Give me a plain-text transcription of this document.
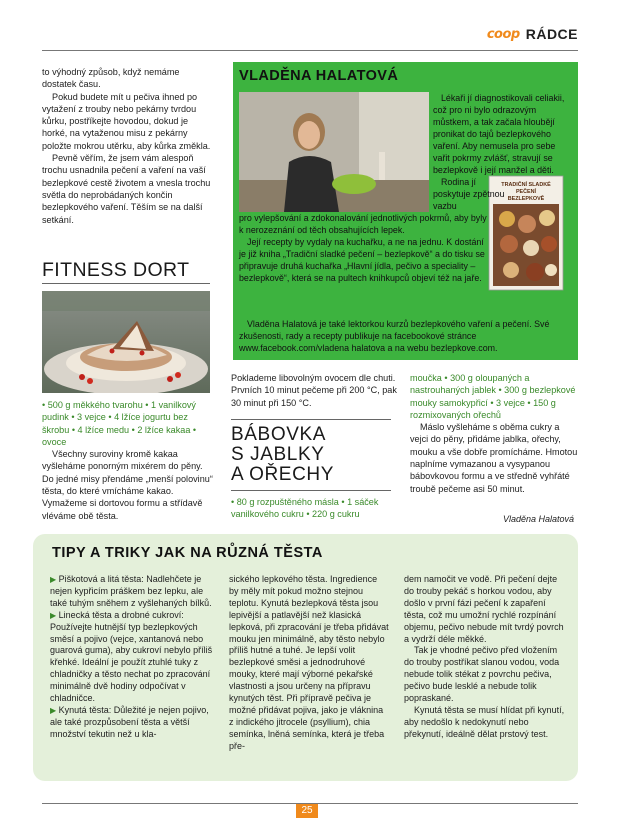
coop RÁDCE

to výhodný způsob, když nemáme dostatek času.

Pokud budete mít u pečiva ihned po vytažení z trouby nebo pekárny tvrdou kůrku, postříkejte hovodou, dokud je horké, na vytaženou misu z pekárny položte mokrou utěrku, aby kůrka změkla.

Pevně věřím, že jsem vám alespoň trochu usnadnila pečení a vaření na vaší bezlepkové cestě životem a vnesla trochu světla do neprobádaných končin bezlepkového vaření. Těším se na další setkání.

FITNESS DORT

• 500 g měkkého tvarohu • 1 vanilkový pudink • 3 vejce • 4 lžíce jogurtu bez škrobu • 4 lžíce medu • 2 lžíce kakaa • ovoce

Všechny suroviny kromě kakaa vyšleháme ponorným mixérem do pěny. Do jedné misy přendáme „menší polovinu“ těsta, do které vmícháme kakao. Vymažeme si dortovou formu a střídavě vléváme obě těsta.

VLADĚNA HALATOVÁ
TRADIČNÍ SLADKÉ PEČENÍ
BEZLEPKOVĚ

Lékaři jí diagnostikovali celiakii, což pro ni bylo odrazovým můstkem, a tak začala hloubějí pronikat do tajů bezlepkového vaření. Aby nemusela pro sebe vařit pokrmy zvlášť, stravují se bezlepkově i její manžel a děti.

Rodina jí poskytuje zpětnou vazbu

pro vylepšování a zdokonalování jednotlivých pokrmů, aby byly k nerozeznání od těch obsahujících lepek.

Její recepty by vydaly na kuchařku, a ne na jednu. K dostání je již kniha „Tradiční sladké pečení – bezlepkově“ a do tisku se připravuje druhá kuchařka „Hlavní jídla, pečivo a speciality – bezlepkově“, která se na pultech knihkupců objeví též na jaře.

Vladěna Halatová je také lektorkou kurzů bezlepkového vaření a pečení. Své zkušenosti, rady a recepty publikuje na facebookové stránce www.facebook.com/vladena halatova a na webu bezlepkove.com.

Poklademe libovolným ovocem dle chuti. Prvních 10 minut pečeme při 200 °C, pak 30 minut při 150 °C.

BÁBOVKA
S JABLKY
A OŘECHY

• 80 g rozpuštěného másla • 1 sáček vanilkového cukru • 220 g cukru

moučka • 300 g oloupaných a nastrouhaných jablek • 300 g bezlepkové mouky samokypřicí • 3 vejce • 150 g rozmixovaných ořechů

Máslo vyšleháme s oběma cukry a vejci do pěny, přidáme jablka, ořechy, mouku a vše dobře promícháme. Hmotou naplníme vymazanou a vysypanou bábovkovou formu a ve středně vyhřáté troubě pečeme asi 50 minut.

Vladěna Halatová
TIPY A TRIKY JAK NA RŮZNÁ TĚSTA

▶ Piškotová a litá těsta: Nadlehčete je nejen kypřicím práškem bez lepku, ale také tuhým sněhem z vyšlehaných bílků.

▶ Linecká těsta a drobné cukroví: Používejte hutnější typ bezlepkových směsí a pojivo (vejce, xantanová nebo guarová guma), aby cukroví nebylo příliš křehké. Ideální je použít ztuhlé tuky z chladničky a těsto nechat po zpracování minimálně dvě hodiny odpočívat v chladničce.

▶ Kynutá těsta: Důležité je nejen pojivo, ale také prozpůsobení těsta a větší množství tekutin než u kla-

sického lepkového těsta. Ingredience by měly mít pokud možno stejnou teplotu. Kynutá bezlepková těsta jsou lepivější a patlavější než klasická lepková, při zpracování je třeba přidávat mouku jen minimálně, aby těsto nebylo příliš hutné a tuhé. Je lepší volit bezlepkové směsi a jednodruhové mouky, které mají výborné pekařské vlastnosti a jsou určeny na přípravu kynutých těst. Při přípravě pečiva je možné přidávat pojiva, jako je vláknina z indického jitrocele (psyllium), chia semínka, lněná semínka, která je třeba pře-

dem namočit ve vodě. Při pečení dejte do trouby pekáč s horkou vodou, aby došlo v první fázi pečení k zapaření těsta, což mu umožní rychlé rozpínání objemu, pečivo nebude mít tvrdý povrch a vydrží déle měkké.

Tak je vhodné pečivo před vložením do trouby postříkat slanou vodou, voda nebude tolik stékat z povrchu pečiva, pečivo bude lesklé a nebude tolik popraskané.

Kynutá těsta se musí hlídat při kynutí, aby nedošlo k nedokynutí nebo překynutí, ideálně dělat prstový test.

25
